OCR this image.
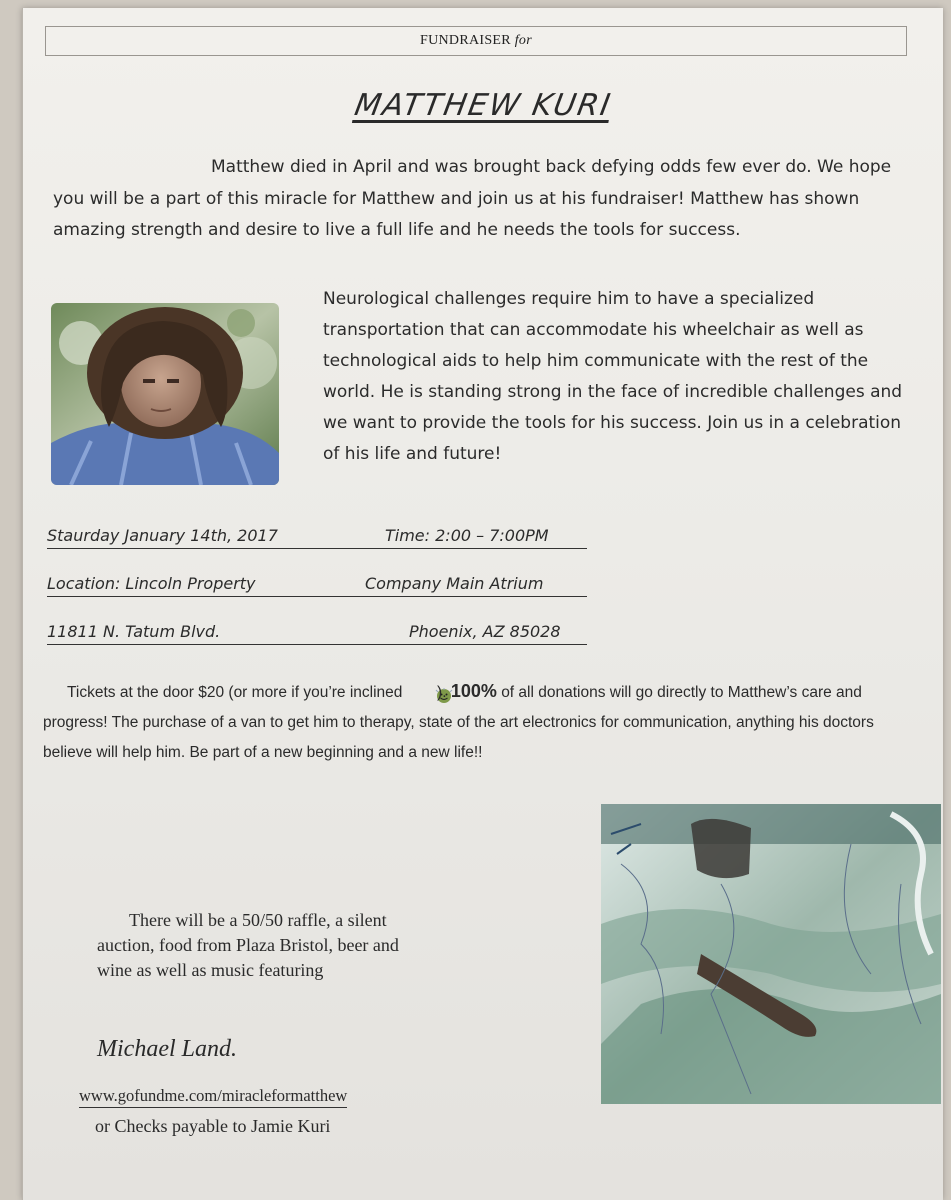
FUNDRAISER for
MATTHEW KURI

Matthew died in April and was brought back defying odds few ever do. We hope you will be a part of this miracle for Matthew and join us at his fundraiser! Matthew has shown amazing strength and desire to live a full life and he needs the tools for success.

Neurological challenges require him to have a specialized transportation that can accommodate his wheelchair as well as technological aids to help him communicate with the rest of the world. He is standing strong in the face of incredible challenges and we want to provide the tools for his success. Join us in a celebration of his life and future!

Staurday January 14th, 2017	Time: 2:00 – 7:00PM
Location: Lincoln Property	Company Main Atrium
11811 N. Tatum Blvd.	Phoenix, AZ 85028

Tickets at the door $20 (or more if you’re inclined ). 100% of all donations will go directly to Matthew’s care and progress! The purchase of a van to get him to therapy, state of the art electronics for communication, anything his doctors believe will help him. Be part of a new beginning and a new life!!

There will be a 50/50 raffle, a silent auction, food from Plaza Bristol, beer and wine as well as music featuring

Michael Land.
www.gofundme.com/miracleformatthew
or Checks payable to Jamie Kuri
